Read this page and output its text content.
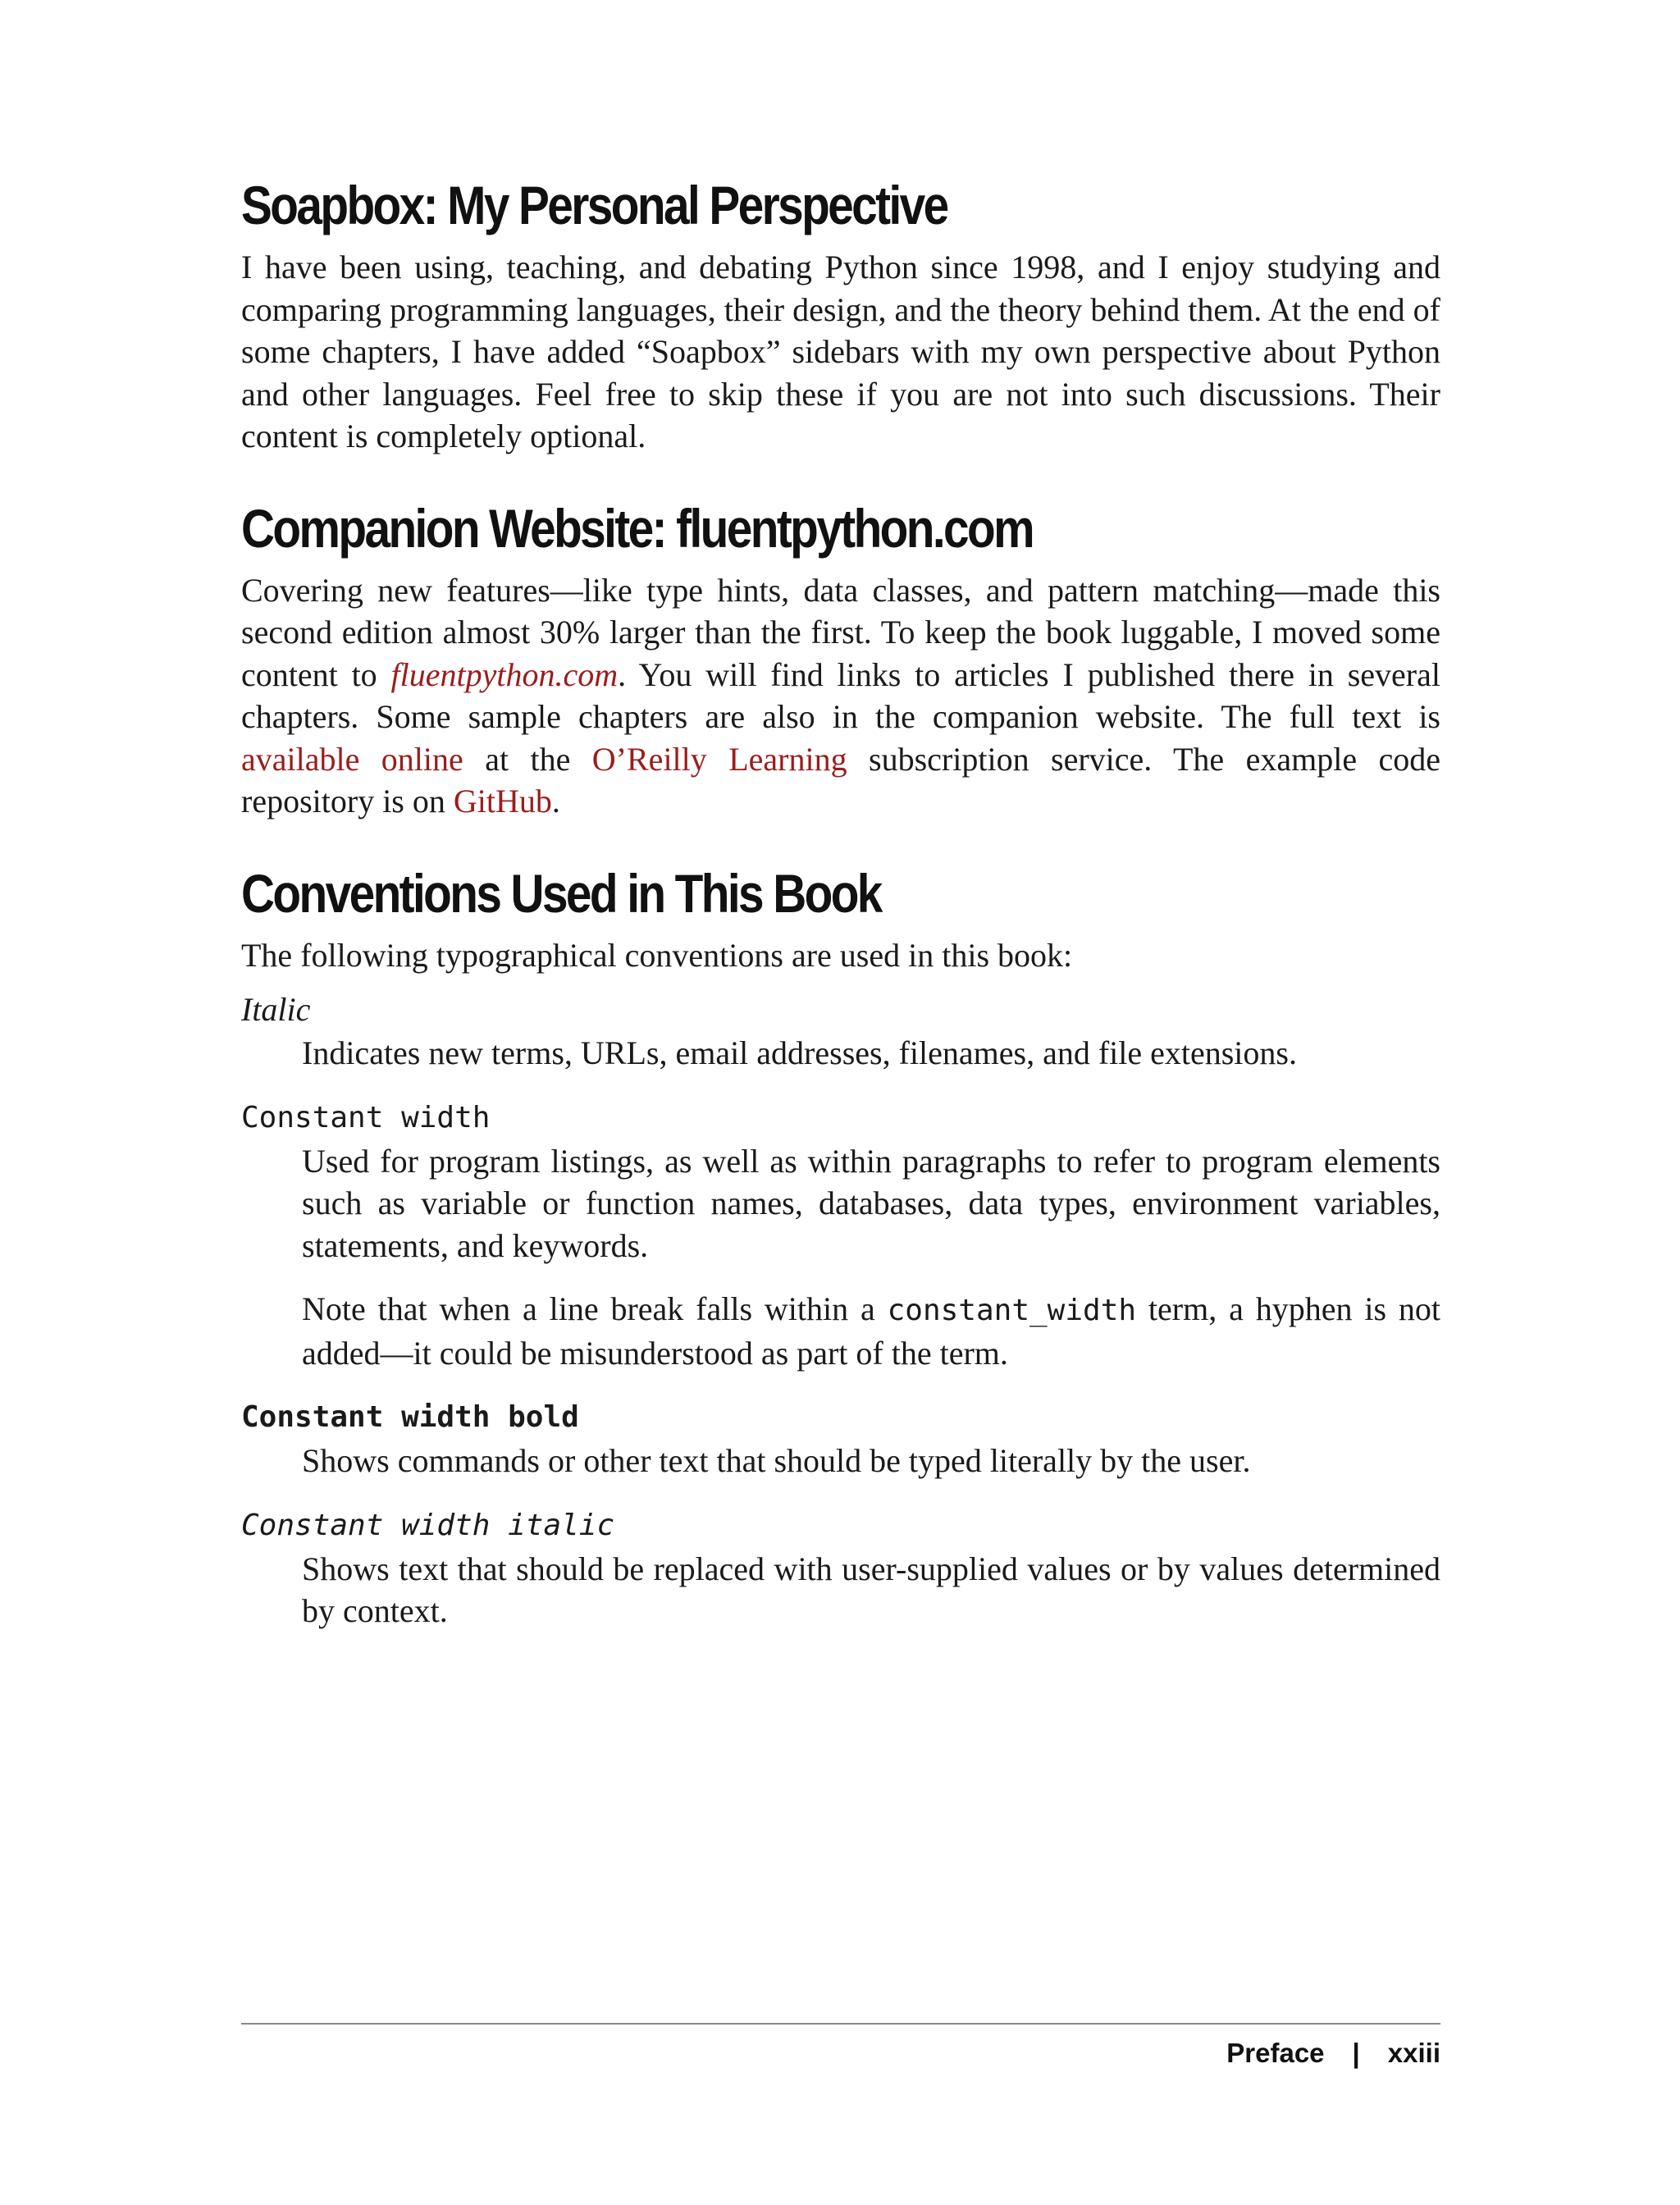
Soapbox: My Personal Perspective

I have been using, teaching, and debating Python since 1998, and I enjoy studying and comparing programming languages, their design, and the theory behind them. At the end of some chapters, I have added “Soapbox” sidebars with my own perspective about Python and other languages. Feel free to skip these if you are not into such discussions. Their content is completely optional.

Companion Website: fluentpython.com

Covering new features—like type hints, data classes, and pattern matching—made this second edition almost 30% larger than the first. To keep the book luggable, I moved some content to fluentpython.com. You will find links to articles I published there in several chapters. Some sample chapters are also in the companion website. The full text is available online at the O’Reilly Learning subscription service. The example code repository is on GitHub.

Conventions Used in This Book

The following typographical conventions are used in this book:

Italic

Indicates new terms, URLs, email addresses, filenames, and file extensions.

Constant width

Used for program listings, as well as within paragraphs to refer to program elements such as variable or function names, databases, data types, environment variables, statements, and keywords.

Note that when a line break falls within a constant_width term, a hyphen is not added—it could be misunderstood as part of the term.

Constant width bold

Shows commands or other text that should be typed literally by the user.

Constant width italic

Shows text that should be replaced with user-supplied values or by values determined by context.

Preface | xxiii
